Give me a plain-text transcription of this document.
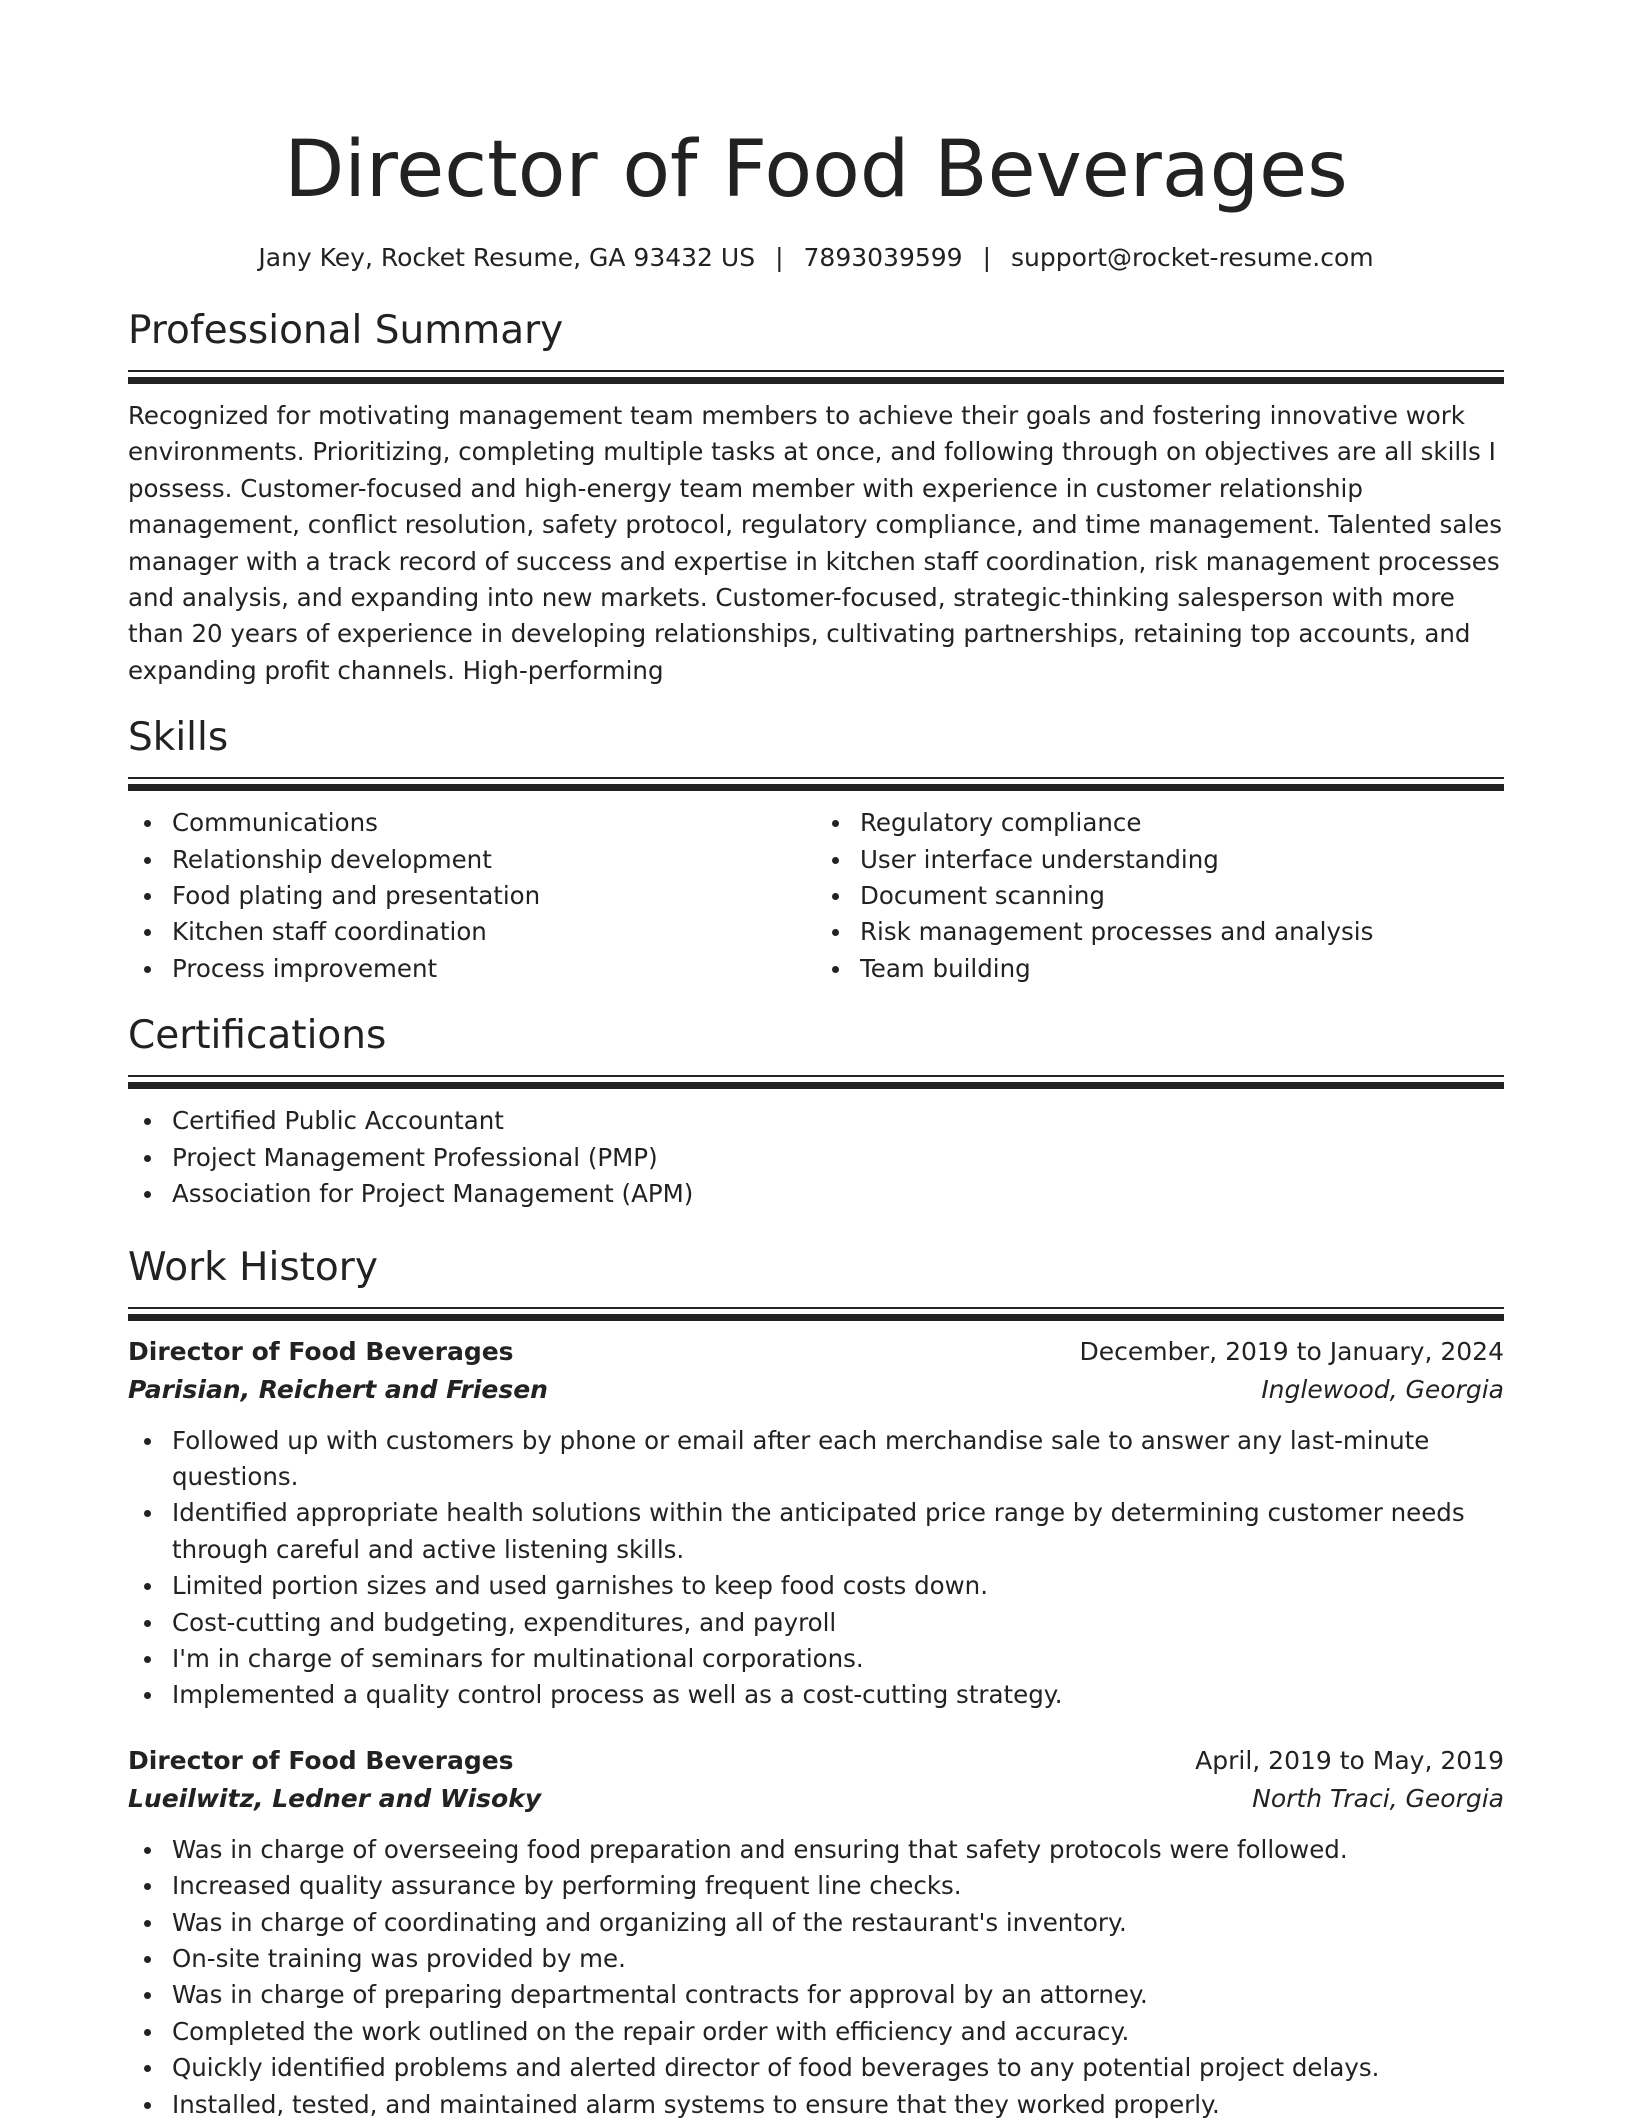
Director of Food Beverages
Jany Key, Rocket Resume, GA 93432 US | 7893039599 | support@rocket-resume.com
Professional Summary

Recognized for motivating management team members to achieve their goals and fostering innovative work environments. Prioritizing, completing multiple tasks at once, and following through on objectives are all skills I possess. Customer-focused and high-energy team member with experience in customer relationship management, conflict resolution, safety protocol, regulatory compliance, and time management. Talented sales manager with a track record of success and expertise in kitchen staff coordination, risk management processes and analysis, and expanding into new markets. Customer-focused, strategic-thinking salesperson with more than 20 years of experience in developing relationships, cultivating partnerships, retaining top accounts, and expanding profit channels. High-performing

Skills
Communications
Relationship development
Food plating and presentation
Kitchen staff coordination
Process improvement
Regulatory compliance
User interface understanding
Document scanning
Risk management processes and analysis
Team building
Certifications
Certified Public Accountant
Project Management Professional (PMP)
Association for Project Management (APM)
Work History
Director of Food Beverages	December, 2019 to January, 2024
Parisian, Reichert and Friesen	Inglewood, Georgia
Followed up with customers by phone or email after each merchandise sale to answer any last-minute questions.
Identified appropriate health solutions within the anticipated price range by determining customer needs through careful and active listening skills.
Limited portion sizes and used garnishes to keep food costs down.
Cost-cutting and budgeting, expenditures, and payroll
I'm in charge of seminars for multinational corporations.
Implemented a quality control process as well as a cost-cutting strategy.
Director of Food Beverages	April, 2019 to May, 2019
Lueilwitz, Ledner and Wisoky	North Traci, Georgia
Was in charge of overseeing food preparation and ensuring that safety protocols were followed.
Increased quality assurance by performing frequent line checks.
Was in charge of coordinating and organizing all of the restaurant's inventory.
On-site training was provided by me.
Was in charge of preparing departmental contracts for approval by an attorney.
Completed the work outlined on the repair order with efficiency and accuracy.
Quickly identified problems and alerted director of food beverages to any potential project delays.
Installed, tested, and maintained alarm systems to ensure that they worked properly.
